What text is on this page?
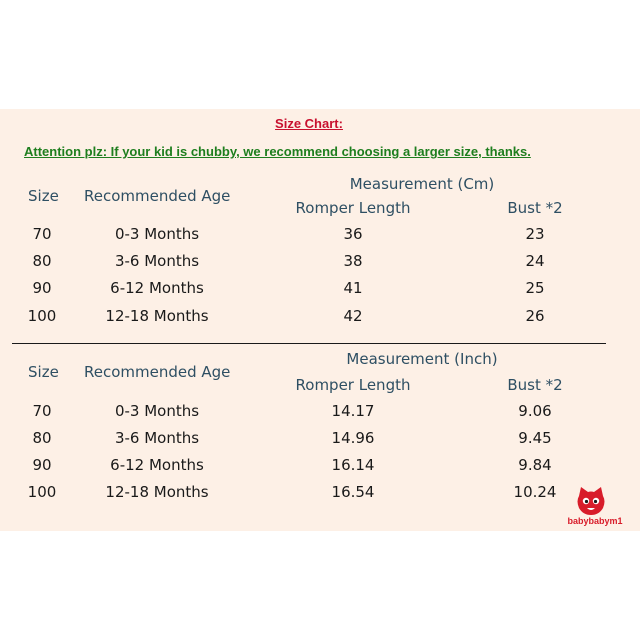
Size Chart:
Attention plz: If your kid is chubby, we recommend choosing a larger size, thanks.
Size Recommended Age
Measurement (Cm)
Romper Length	Bust *2
70	0-3 Months	36	23
80	3-6 Months	38	24
90	6-12 Months	41	25
100	12-18 Months	42	26
Size Recommended Age
Measurement (Inch)
Romper Length	Bust *2
70	0-3 Months	14.17	9.06
80	3-6 Months	14.96	9.45
90	6-12 Months	16.14	9.84
100	12-18 Months	16.54	10.24
babybabym1
